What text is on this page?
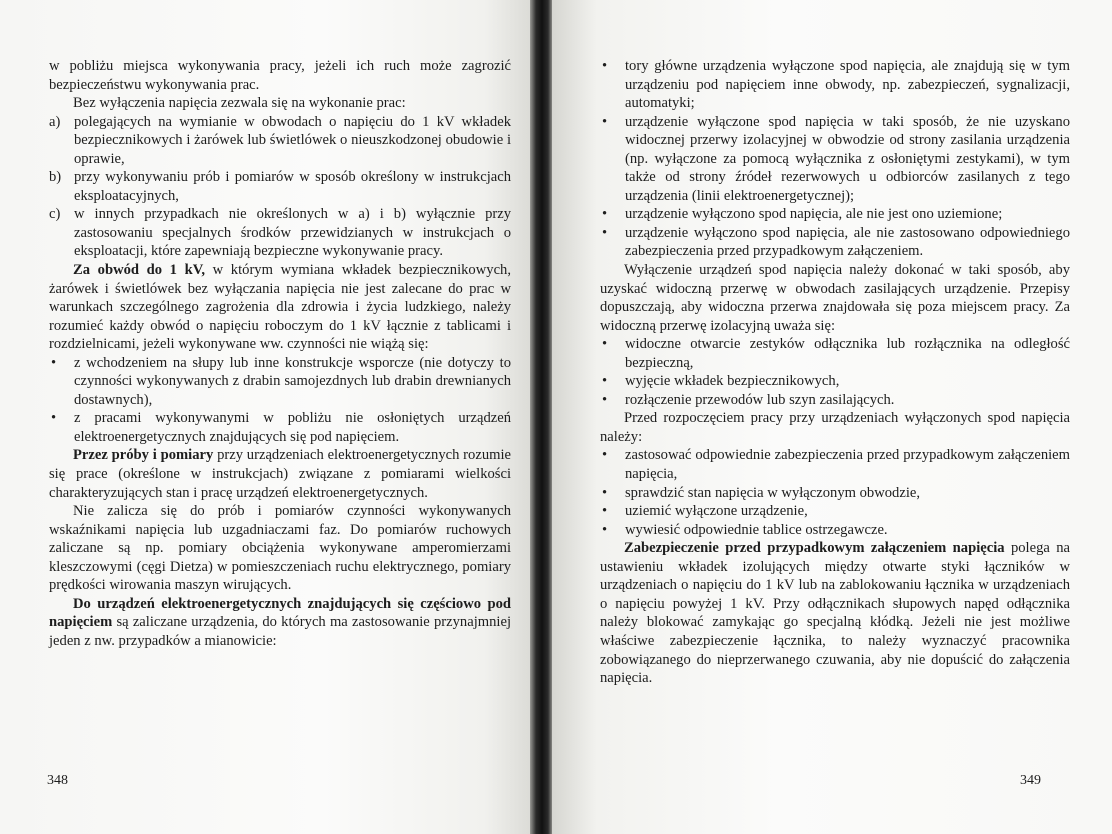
w pobliżu miejsca wykonywania pracy, jeżeli ich ruch może zagrozić bezpieczeństwu wykonywania prac.

Bez wyłączenia napięcia zezwala się na wykonanie prac:

a) polegających na wymianie w obwodach o napięciu do 1 kV wkładek bezpiecznikowych i żarówek lub świetlówek o nieuszkodzonej obudowie i oprawie,
b) przy wykonywaniu prób i pomiarów w sposób określony w instrukcjach eksploatacyjnych,
c) w innych przypadkach nie określonych w a) i b) wyłącznie przy zastosowaniu specjalnych środków przewidzianych w instrukcjach o eksploatacji, które zapewniają bezpieczne wykonywanie pracy.

Za obwód do 1 kV, w którym wymiana wkładek bezpiecznikowych, żarówek i świetlówek bez wyłączania napięcia nie jest zalecane do prac w warunkach szczególnego zagrożenia dla zdrowia i życia ludzkiego, należy rozumieć każdy obwód o napięciu roboczym do 1 kV łącznie z tablicami i rozdzielnicami, jeżeli wykonywane ww. czynności nie wiążą się:

•	z wchodzeniem na słupy lub inne konstrukcje wsporcze (nie dotyczy to czynności wykonywanych z drabin samojezdnych lub drabin drewnianych dostawnych),
•	z pracami wykonywanymi w pobliżu nie osłoniętych urządzeń elektroenergetycznych znajdujących się pod napięciem.

Przez próby i pomiary przy urządzeniach elektroenergetycznych rozumie się prace (określone w instrukcjach) związane z pomiarami wielkości charakteryzujących stan i pracę urządzeń elektroenergetycznych.

Nie zalicza się do prób i pomiarów czynności wykonywanych wskaźnikami napięcia lub uzgadniaczami faz. Do pomiarów ruchowych zaliczane są np. pomiary obciążenia wykonywane amperomierzami kleszczowymi (cęgi Dietza) w pomieszczeniach ruchu elektrycznego, pomiary prędkości wirowania maszyn wirujących.

Do urządzeń elektroenergetycznych znajdujących się częściowo pod napięciem są zaliczane urządzenia, do których ma zastosowanie przynajmniej jeden z nw. przypadków a mianowicie:

348
•	tory główne urządzenia wyłączone spod napięcia, ale znajdują się w tym urządzeniu pod napięciem inne obwody, np. zabezpieczeń, sygnalizacji, automatyki;
•	urządzenie wyłączone spod napięcia w taki sposób, że nie uzyskano widocznej przerwy izolacyjnej w obwodzie od strony zasilania urządzenia (np. wyłączone za pomocą wyłącznika z osłoniętymi zestykami), w tym także od strony źródeł rezerwowych u odbiorców zasilanych z tego urządzenia (linii elektroenergetycznej);
•	urządzenie wyłączono spod napięcia, ale nie jest ono uziemione;
•	urządzenie wyłączono spod napięcia, ale nie zastosowano odpowiedniego zabezpieczenia przed przypadkowym załączeniem.

Wyłączenie urządzeń spod napięcia należy dokonać w taki sposób, aby uzyskać widoczną przerwę w obwodach zasilających urządzenie. Przepisy dopuszczają, aby widoczna przerwa znajdowała się poza miejscem pracy. Za widoczną przerwę izolacyjną uważa się:

•	widoczne otwarcie zestyków odłącznika lub rozłącznika na odległość bezpieczną,
•	wyjęcie wkładek bezpiecznikowych,
•	rozłączenie przewodów lub szyn zasilających.

Przed rozpoczęciem pracy przy urządzeniach wyłączonych spod napięcia należy:

•	zastosować odpowiednie zabezpieczenia przed przypadkowym załączeniem napięcia,
•	sprawdzić stan napięcia w wyłączonym obwodzie,
•	uziemić wyłączone urządzenie,
•	wywiesić odpowiednie tablice ostrzegawcze.

Zabezpieczenie przed przypadkowym załączeniem napięcia polega na ustawieniu wkładek izolujących między otwarte styki łączników w urządzeniach o napięciu do 1 kV lub na zablokowaniu łącznika w urządzeniach o napięciu powyżej 1 kV. Przy odłącznikach słupowych napęd odłącznika należy blokować zamykając go specjalną kłódką. Jeżeli nie jest możliwe właściwe zabezpieczenie łącznika, to należy wyznaczyć pracownika zobowiązanego do nieprzerwanego czuwania, aby nie dopuścić do załączenia napięcia.

349
